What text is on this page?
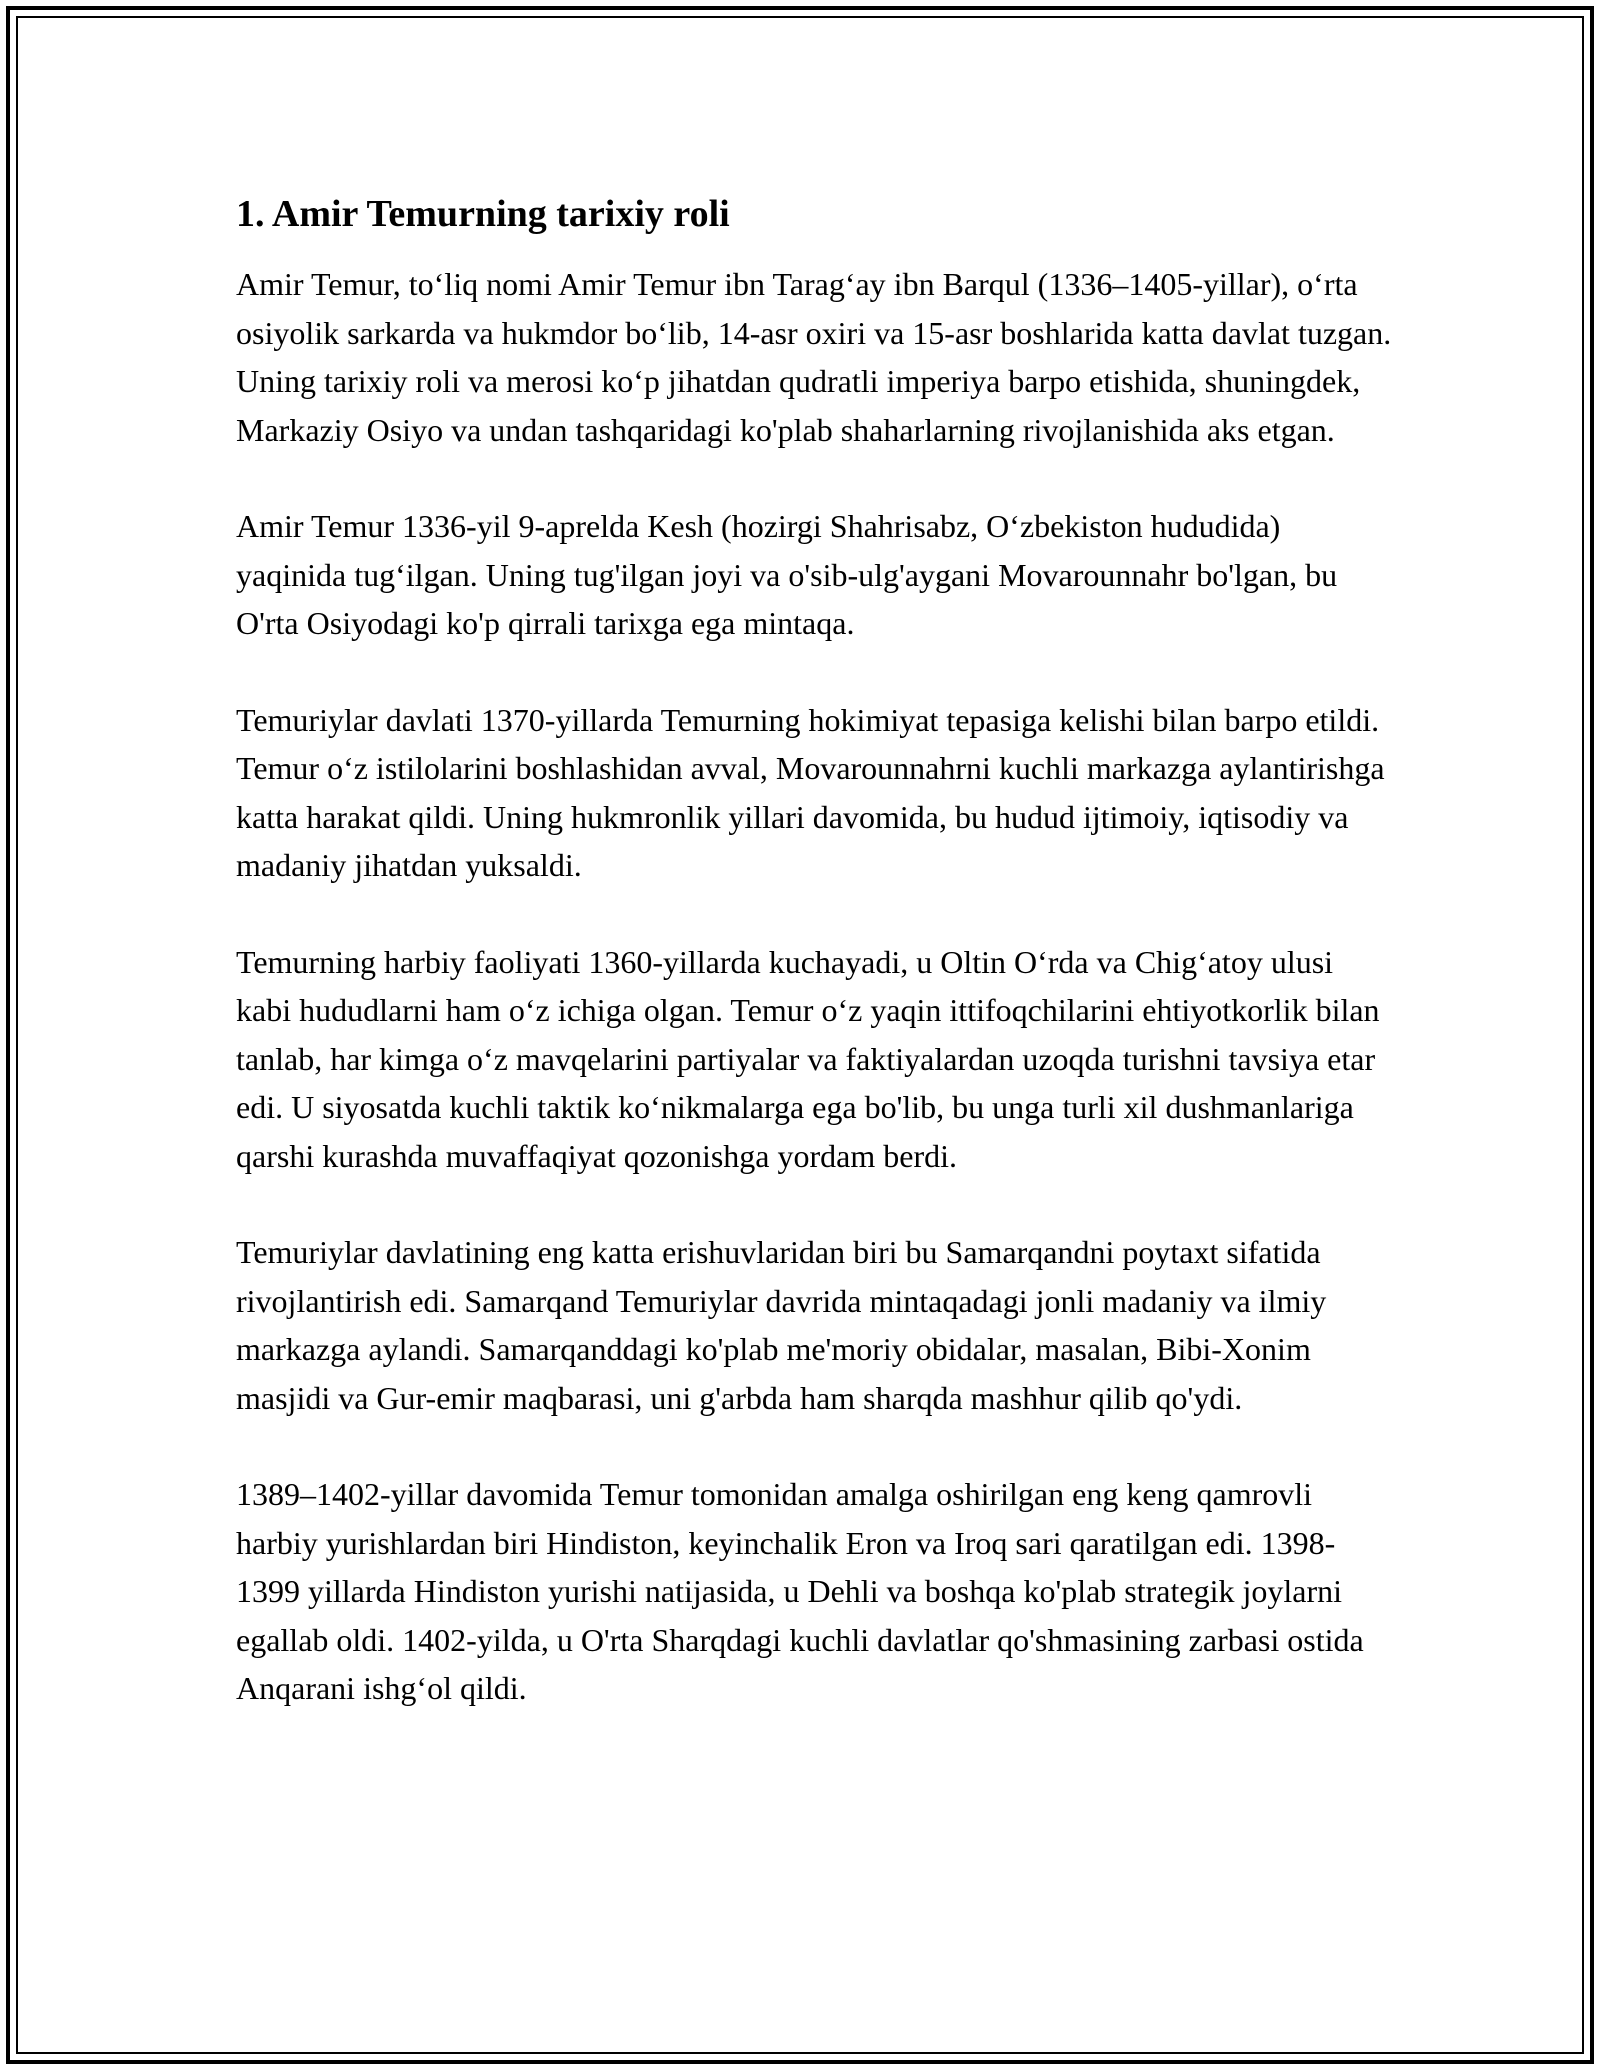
1. Amir Temurning tarixiy roli

Amir Temur, to‘liq nomi Amir Temur ibn Tarag‘ay ibn Barqul (1336–1405-yillar), o‘rta osiyolik sarkarda va hukmdor bo‘lib, 14-asr oxiri va 15-asr boshlarida katta davlat tuzgan. Uning tarixiy roli va merosi ko‘p jihatdan qudratli imperiya barpo etishida, shuningdek, Markaziy Osiyo va undan tashqaridagi ko'plab shaharlarning rivojlanishida aks etgan.

Amir Temur 1336-yil 9-aprelda Kesh (hozirgi Shahrisabz, O‘zbekiston hududida) yaqinida tug‘ilgan. Uning tug'ilgan joyi va o'sib-ulg'aygani Movarounnahr bo'lgan, bu O'rta Osiyodagi ko'p qirrali tarixga ega mintaqa.

Temuriylar davlati 1370-yillarda Temurning hokimiyat tepasiga kelishi bilan barpo etildi. Temur o‘z istilolarini boshlashidan avval, Movarounnahrni kuchli markazga aylantirishga katta harakat qildi. Uning hukmronlik yillari davomida, bu hudud ijtimoiy, iqtisodiy va madaniy jihatdan yuksaldi.

Temurning harbiy faoliyati 1360-yillarda kuchayadi, u Oltin O‘rda va Chig‘atoy ulusi kabi hududlarni ham o‘z ichiga olgan. Temur o‘z yaqin ittifoqchilarini ehtiyotkorlik bilan tanlab, har kimga o‘z mavqelarini partiyalar va faktiyalardan uzoqda turishni tavsiya etar edi. U siyosatda kuchli taktik ko‘nikmalarga ega bo'lib, bu unga turli xil dushmanlariga qarshi kurashda muvaffaqiyat qozonishga yordam berdi.

Temuriylar davlatining eng katta erishuvlaridan biri bu Samarqandni poytaxt sifatida rivojlantirish edi. Samarqand Temuriylar davrida mintaqadagi jonli madaniy va ilmiy markazga aylandi. Samarqanddagi ko'plab me'moriy obidalar, masalan, Bibi-Xonim masjidi va Gur-emir maqbarasi, uni g'arbda ham sharqda mashhur qilib qo'ydi.

1389–1402-yillar davomida Temur tomonidan amalga oshirilgan eng keng qamrovli harbiy yurishlardan biri Hindiston, keyinchalik Eron va Iroq sari qaratilgan edi. 1398-1399 yillarda Hindiston yurishi natijasida, u Dehli va boshqa ko'plab strategik joylarni egallab oldi. 1402-yilda, u O'rta Sharqdagi kuchli davlatlar qo'shmasining zarbasi ostida Anqarani ishg‘ol qildi.
